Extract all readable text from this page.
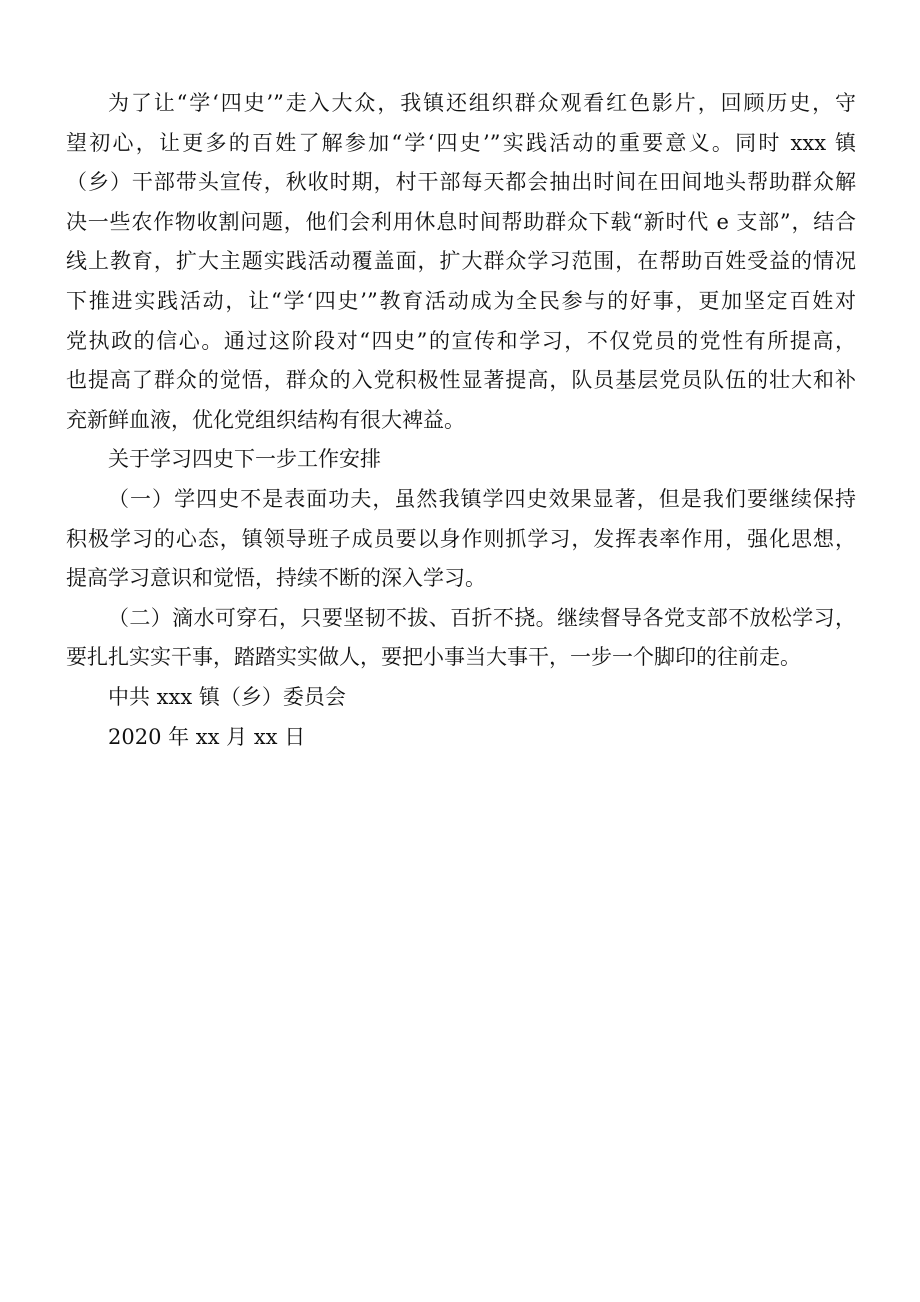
为了让“学‘四史’”走入大众，我镇还组织群众观看红色影片，回顾历史，守
望初心，让更多的百姓了解参加“学‘四史’”实践活动的重要意义。同时 xxx 镇
（乡）干部带头宣传，秋收时期，村干部每天都会抽出时间在田间地头帮助群众解
决一些农作物收割问题，他们会利用休息时间帮助群众下载“新时代 e 支部”，结合
线上教育，扩大主题实践活动覆盖面，扩大群众学习范围，在帮助百姓受益的情况
下推进实践活动，让“学‘四史’”教育活动成为全民参与的好事，更加坚定百姓对
党执政的信心。通过这阶段对“四史”的宣传和学习，不仅党员的党性有所提高，
也提高了群众的觉悟，群众的入党积极性显著提高，队员基层党员队伍的壮大和补
充新鲜血液，优化党组织结构有很大裨益。

关于学习四史下一步工作安排

（一）学四史不是表面功夫，虽然我镇学四史效果显著，但是我们要继续保持
积极学习的心态，镇领导班子成员要以身作则抓学习，发挥表率作用，强化思想，
提高学习意识和觉悟，持续不断的深入学习。
（二）滴水可穿石，只要坚韧不拔、百折不挠。继续督导各党支部不放松学习，
要扎扎实实干事，踏踏实实做人，要把小事当大事干，一步一个脚印的往前走。

中共 xxx 镇（乡）委员会

2020 年 xx 月 xx 日
